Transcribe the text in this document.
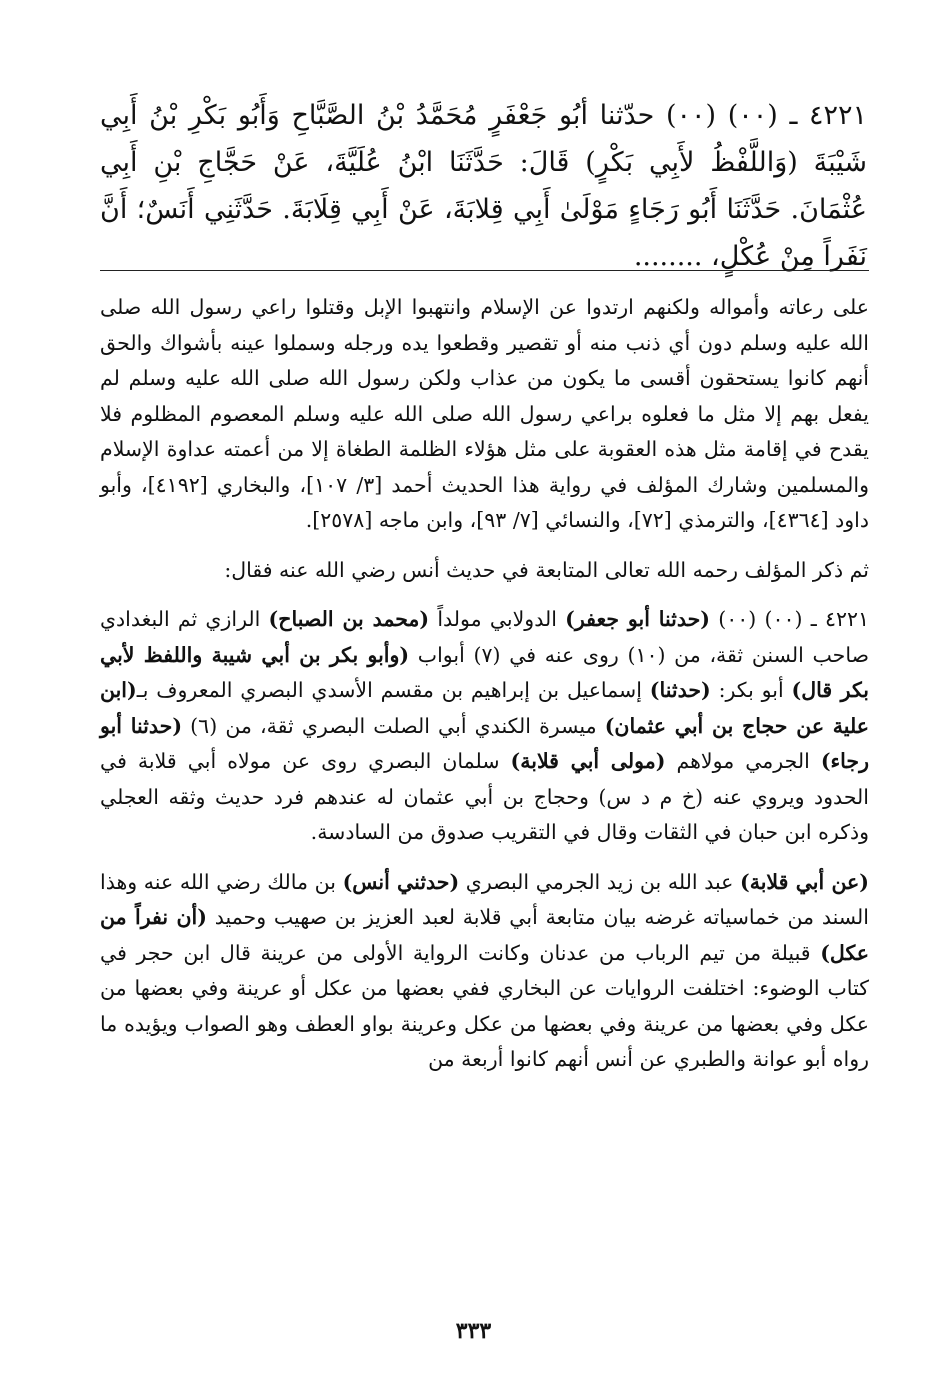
٤٢٢١ ـ (٠٠) (٠٠) حدّثنا أبُو جَعْفَرٍ مُحَمَّدُ بْنُ الصَّبَّاحِ وَأَبُو بَكْرِ بْنُ أَبِي شَيْبَةَ (وَاللَّفْظُ لأَبِي بَكْرٍ) قَالَ: حَدَّثَنَا ابْنُ عُلَيَّةَ، عَنْ حَجَّاجِ بْنِ أَبِي عُثْمَانَ. حَدَّثَنَا أَبُو رَجَاءٍ مَوْلَىٰ أَبِي قِلابَةَ، عَنْ أَبِي قِلَابَةَ. حَدَّثَنِي أَنَسٌ؛ أَنَّ نَفَراً مِنْ عُكْلٍ، ........

على رعاته وأمواله ولكنهم ارتدوا عن الإسلام وانتهبوا الإبل وقتلوا راعي رسول الله صلى الله عليه وسلم دون أي ذنب منه أو تقصير وقطعوا يده ورجله وسملوا عينه بأشواك والحق أنهم كانوا يستحقون أقسى ما يكون من عذاب ولكن رسول الله صلى الله عليه وسلم لم يفعل بهم إلا مثل ما فعلوه براعي رسول الله صلى الله عليه وسلم المعصوم المظلوم فلا يقدح في إقامة مثل هذه العقوبة على مثل هؤلاء الظلمة الطغاة إلا من أعمته عداوة الإسلام والمسلمين وشارك المؤلف في رواية هذا الحديث أحمد [٣/ ١٠٧]، والبخاري [٤١٩٢]، وأبو داود [٤٣٦٤]، والترمذي [٧٢]، والنسائي [٧/ ٩٣]، وابن ماجه [٢٥٧٨].

ثم ذكر المؤلف رحمه الله تعالى المتابعة في حديث أنس رضي الله عنه فقال:

٤٢٢١ ـ (٠٠) (٠٠) (حدثنا أبو جعفر) الدولابي مولداً (محمد بن الصباح) الرازي ثم البغدادي صاحب السنن ثقة، من (١٠) روى عنه في (٧) أبواب (وأبو بكر بن أبي شيبة واللفظ لأبي بكر قال) أبو بكر: (حدثنا) إسماعيل بن إبراهيم بن مقسم الأسدي البصري المعروف بـ(ابن علية عن حجاج بن أبي عثمان) ميسرة الكندي أبي الصلت البصري ثقة، من (٦) (حدثنا أبو رجاء) الجرمي مولاهم (مولى أبي قلابة) سلمان البصري روى عن مولاه أبي قلابة في الحدود ويروي عنه (خ م د س) وحجاج بن أبي عثمان له عندهم فرد حديث وثقه العجلي وذكره ابن حبان في الثقات وقال في التقريب صدوق من السادسة.

(عن أبي قلابة) عبد الله بن زيد الجرمي البصري (حدثني أنس) بن مالك رضي الله عنه وهذا السند من خماسياته غرضه بيان متابعة أبي قلابة لعبد العزيز بن صهيب وحميد (أن نفراً من عكل) قبيلة من تيم الرباب من عدنان وكانت الرواية الأولى من عرينة قال ابن حجر في كتاب الوضوء: اختلفت الروايات عن البخاري ففي بعضها من عكل أو عرينة وفي بعضها من عكل وفي بعضها من عرينة وفي بعضها من عكل وعرينة بواو العطف وهو الصواب ويؤيده ما رواه أبو عوانة والطبري عن أنس أنهم كانوا أربعة من

٣٣٣
